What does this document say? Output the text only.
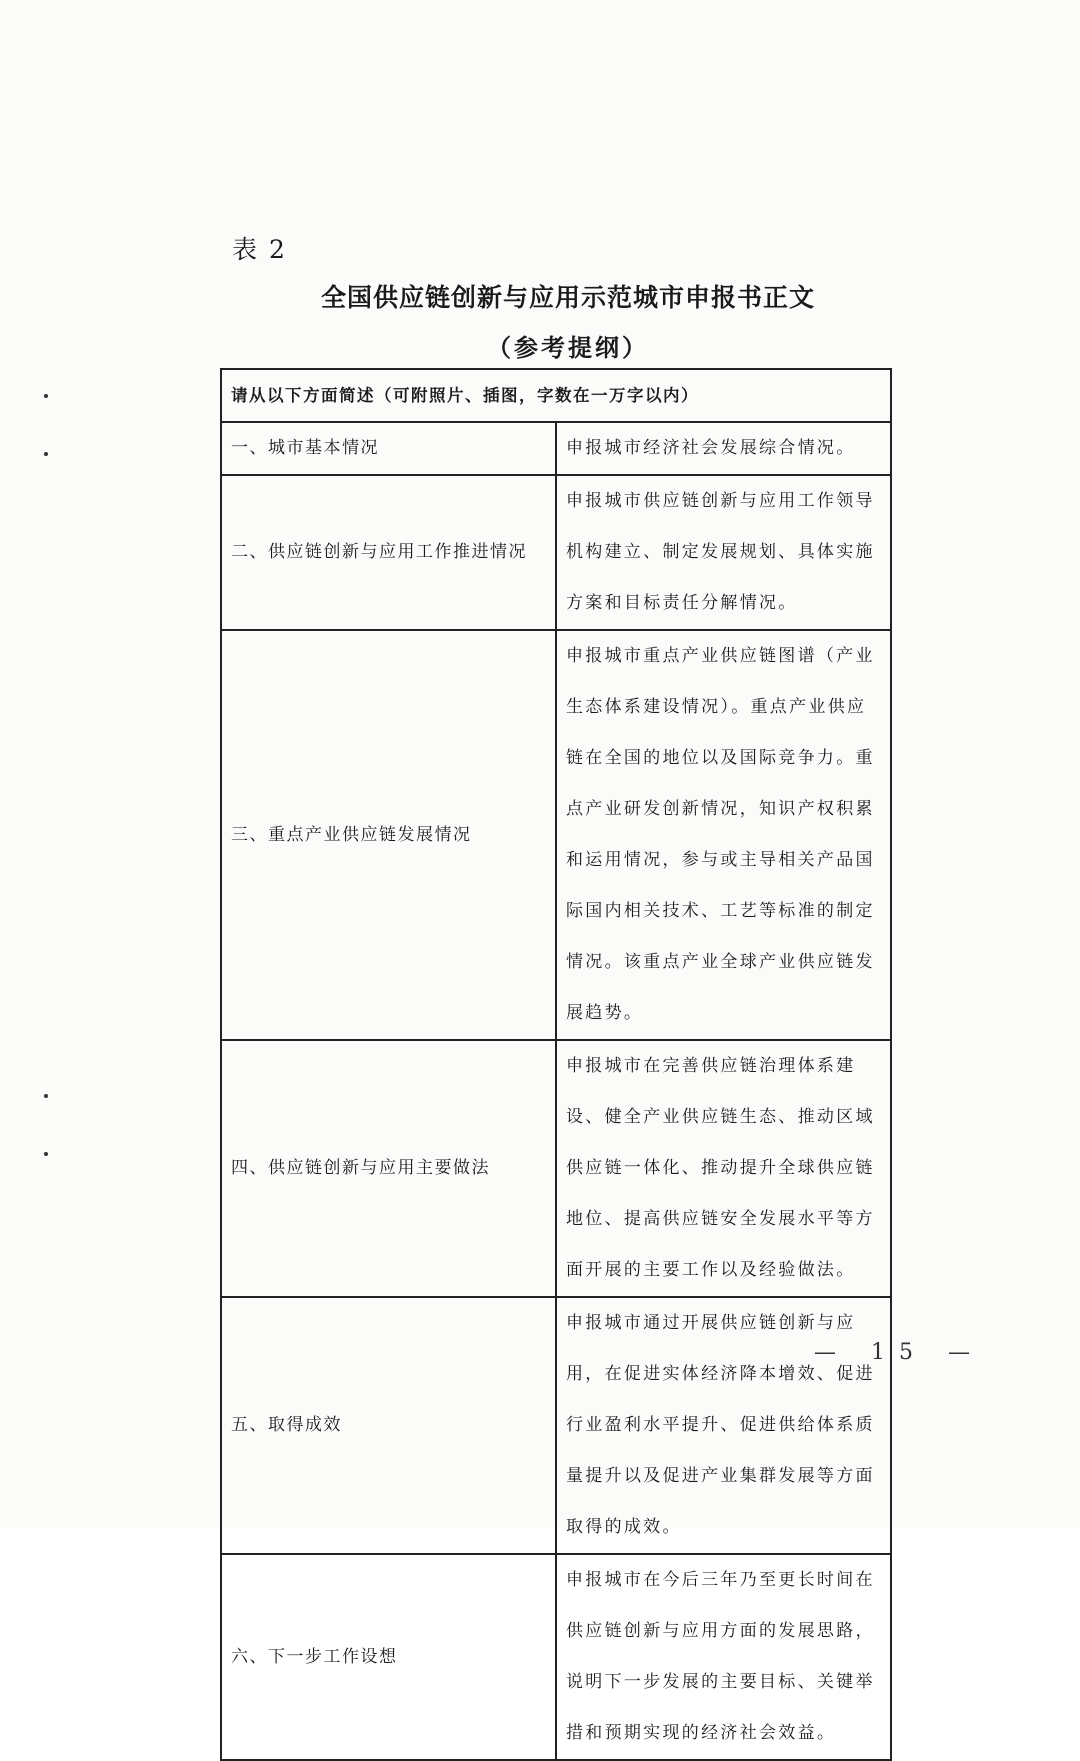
表 2
全国供应链创新与应用示范城市申报书正文
（参考提纲）
请从以下方面简述（可附照片、插图，字数在一万字以内）	
一、城市基本情况	申报城市经济社会发展综合情况。
二、供应链创新与应用工作推进情况	申报城市供应链创新与应用工作领导机构建立、制定发展规划、具体实施方案和目标责任分解情况。
三、重点产业供应链发展情况	申报城市重点产业供应链图谱（产业生态体系建设情况）。重点产业供应链在全国的地位以及国际竞争力。重点产业研发创新情况，知识产权积累和运用情况，参与或主导相关产品国际国内相关技术、工艺等标准的制定情况。该重点产业全球产业供应链发展趋势。
四、供应链创新与应用主要做法	申报城市在完善供应链治理体系建设、健全产业供应链生态、推动区域供应链一体化、推动提升全球供应链地位、提高供应链安全发展水平等方面开展的主要工作以及经验做法。
五、取得成效	申报城市通过开展供应链创新与应用，在促进实体经济降本增效、促进行业盈利水平提升、促进供给体系质量提升以及促进产业集群发展等方面取得的成效。
六、下一步工作设想	申报城市在今后三年乃至更长时间在供应链创新与应用方面的发展思路，说明下一步发展的主要目标、关键举措和预期实现的经济社会效益。
— 15 —
